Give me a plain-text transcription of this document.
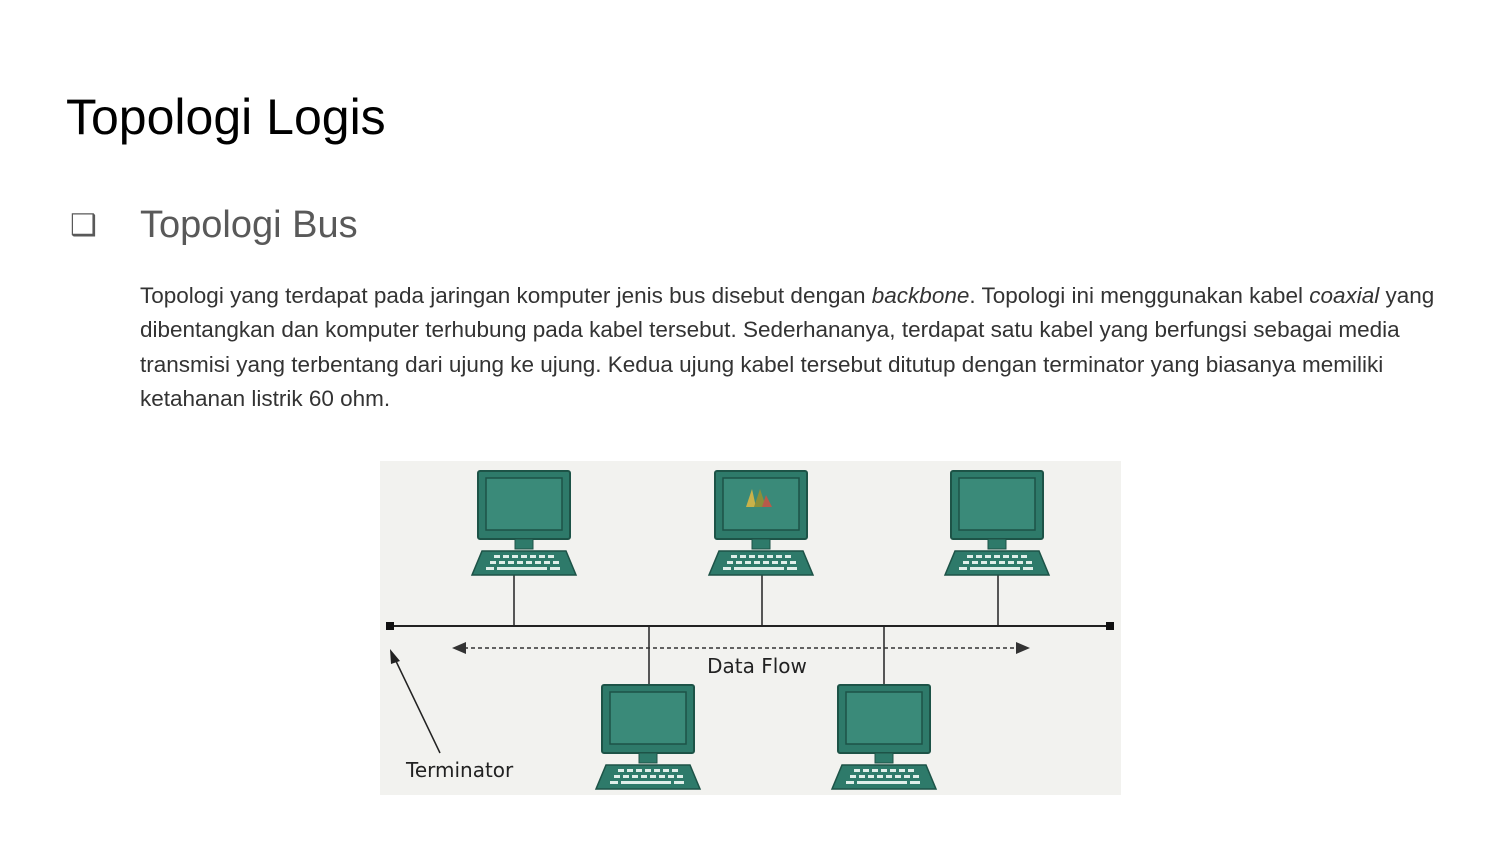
Topologi Logis
❑ Topologi Bus

Topologi yang terdapat pada jaringan komputer jenis bus disebut dengan backbone. Topologi ini menggunakan kabel coaxial yang dibentangkan dan komputer terhubung pada kabel tersebut. Sederhananya, terdapat satu kabel yang berfungsi sebagai media transmisi yang terbentang dari ujung ke ujung. Kedua ujung kabel tersebut ditutup dengan terminator yang biasanya memiliki ketahanan listrik 60 ohm.

Data Flow
Terminator
